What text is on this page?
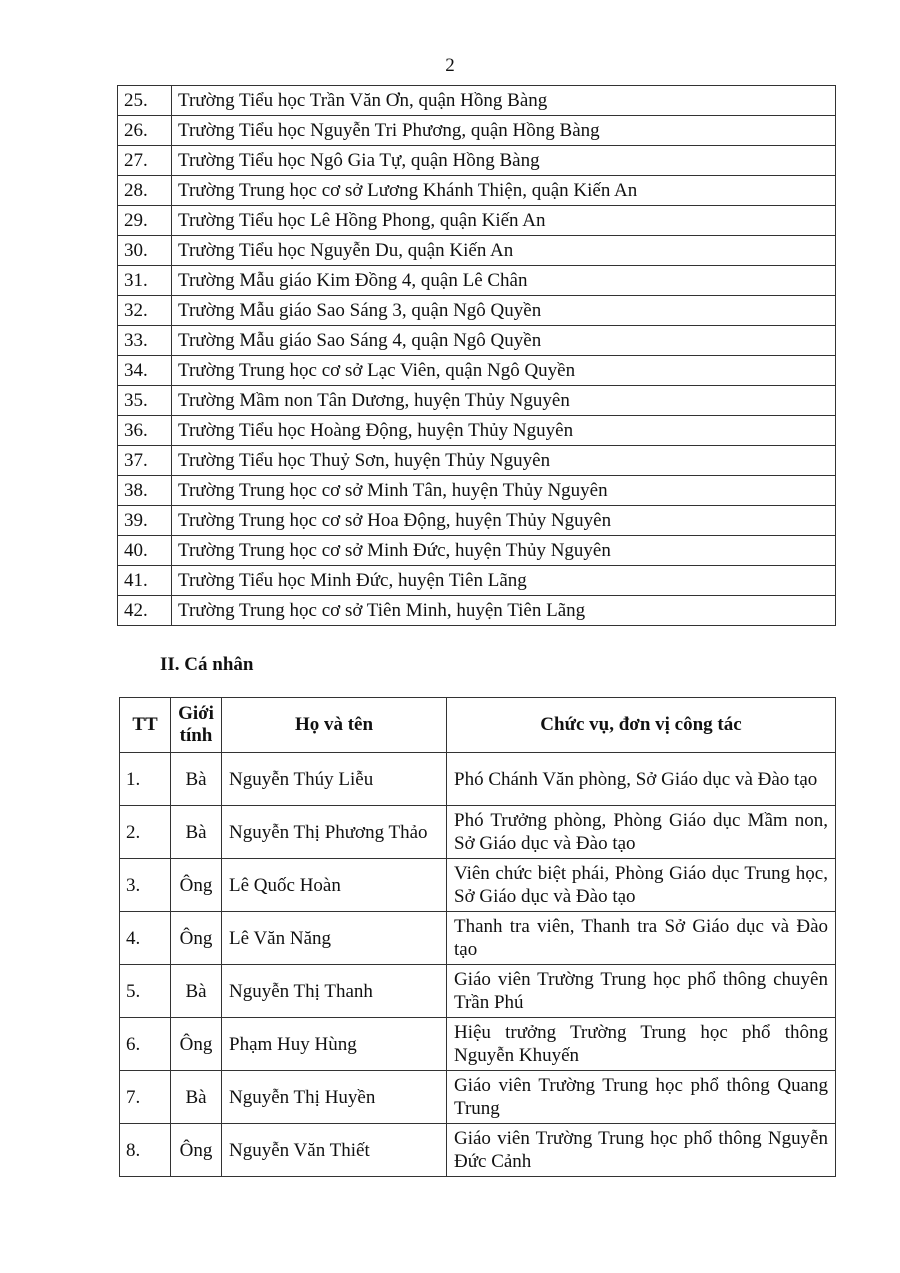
2
25.	Trường Tiểu học Trần Văn Ơn, quận Hồng Bàng
26.	Trường Tiểu học Nguyễn Tri Phương, quận Hồng Bàng
27.	Trường Tiểu học Ngô Gia Tự, quận Hồng Bàng
28.	Trường Trung học cơ sở Lương Khánh Thiện, quận Kiến An
29.	Trường Tiểu học Lê Hồng Phong, quận Kiến An
30.	Trường Tiểu học Nguyễn Du, quận Kiến An
31.	Trường Mẫu giáo Kim Đồng 4, quận Lê Chân
32.	Trường Mẫu giáo Sao Sáng 3, quận Ngô Quyền
33.	Trường Mẫu giáo Sao Sáng 4, quận Ngô Quyền
34.	Trường Trung học cơ sở Lạc Viên, quận Ngô Quyền
35.	Trường Mầm non Tân Dương, huyện Thủy Nguyên
36.	Trường Tiểu học Hoàng Động, huyện Thủy Nguyên
37.	Trường Tiểu học Thuỷ Sơn, huyện Thủy Nguyên
38.	Trường Trung học cơ sở Minh Tân, huyện Thủy Nguyên
39.	Trường Trung học cơ sở Hoa Động, huyện Thủy Nguyên
40.	Trường Trung học cơ sở Minh Đức, huyện Thủy Nguyên
41.	Trường Tiểu học Minh Đức, huyện Tiên Lãng
42.	Trường Trung học cơ sở Tiên Minh, huyện Tiên Lãng
II. Cá nhân
TT	Giới tính	Họ và tên	Chức vụ, đơn vị công tác
1.	Bà	Nguyễn Thúy Liễu	Phó Chánh Văn phòng, Sở Giáo dục và Đào tạo
2.	Bà	Nguyễn Thị Phương Thảo	Phó Trưởng phòng, Phòng Giáo dục Mầm non, Sở Giáo dục và Đào tạo
3.	Ông	Lê Quốc Hoàn	Viên chức biệt phái, Phòng Giáo dục Trung học, Sở Giáo dục và Đào tạo
4.	Ông	Lê Văn Năng	Thanh tra viên, Thanh tra Sở Giáo dục và Đào tạo
5.	Bà	Nguyễn Thị Thanh	Giáo viên Trường Trung học phổ thông chuyên Trần Phú
6.	Ông	Phạm Huy Hùng	Hiệu trưởng Trường Trung học phổ thông Nguyễn Khuyến
7.	Bà	Nguyễn Thị Huyền	Giáo viên Trường Trung học phổ thông Quang Trung
8.	Ông	Nguyễn Văn Thiết	Giáo viên Trường Trung học phổ thông Nguyễn Đức Cảnh
